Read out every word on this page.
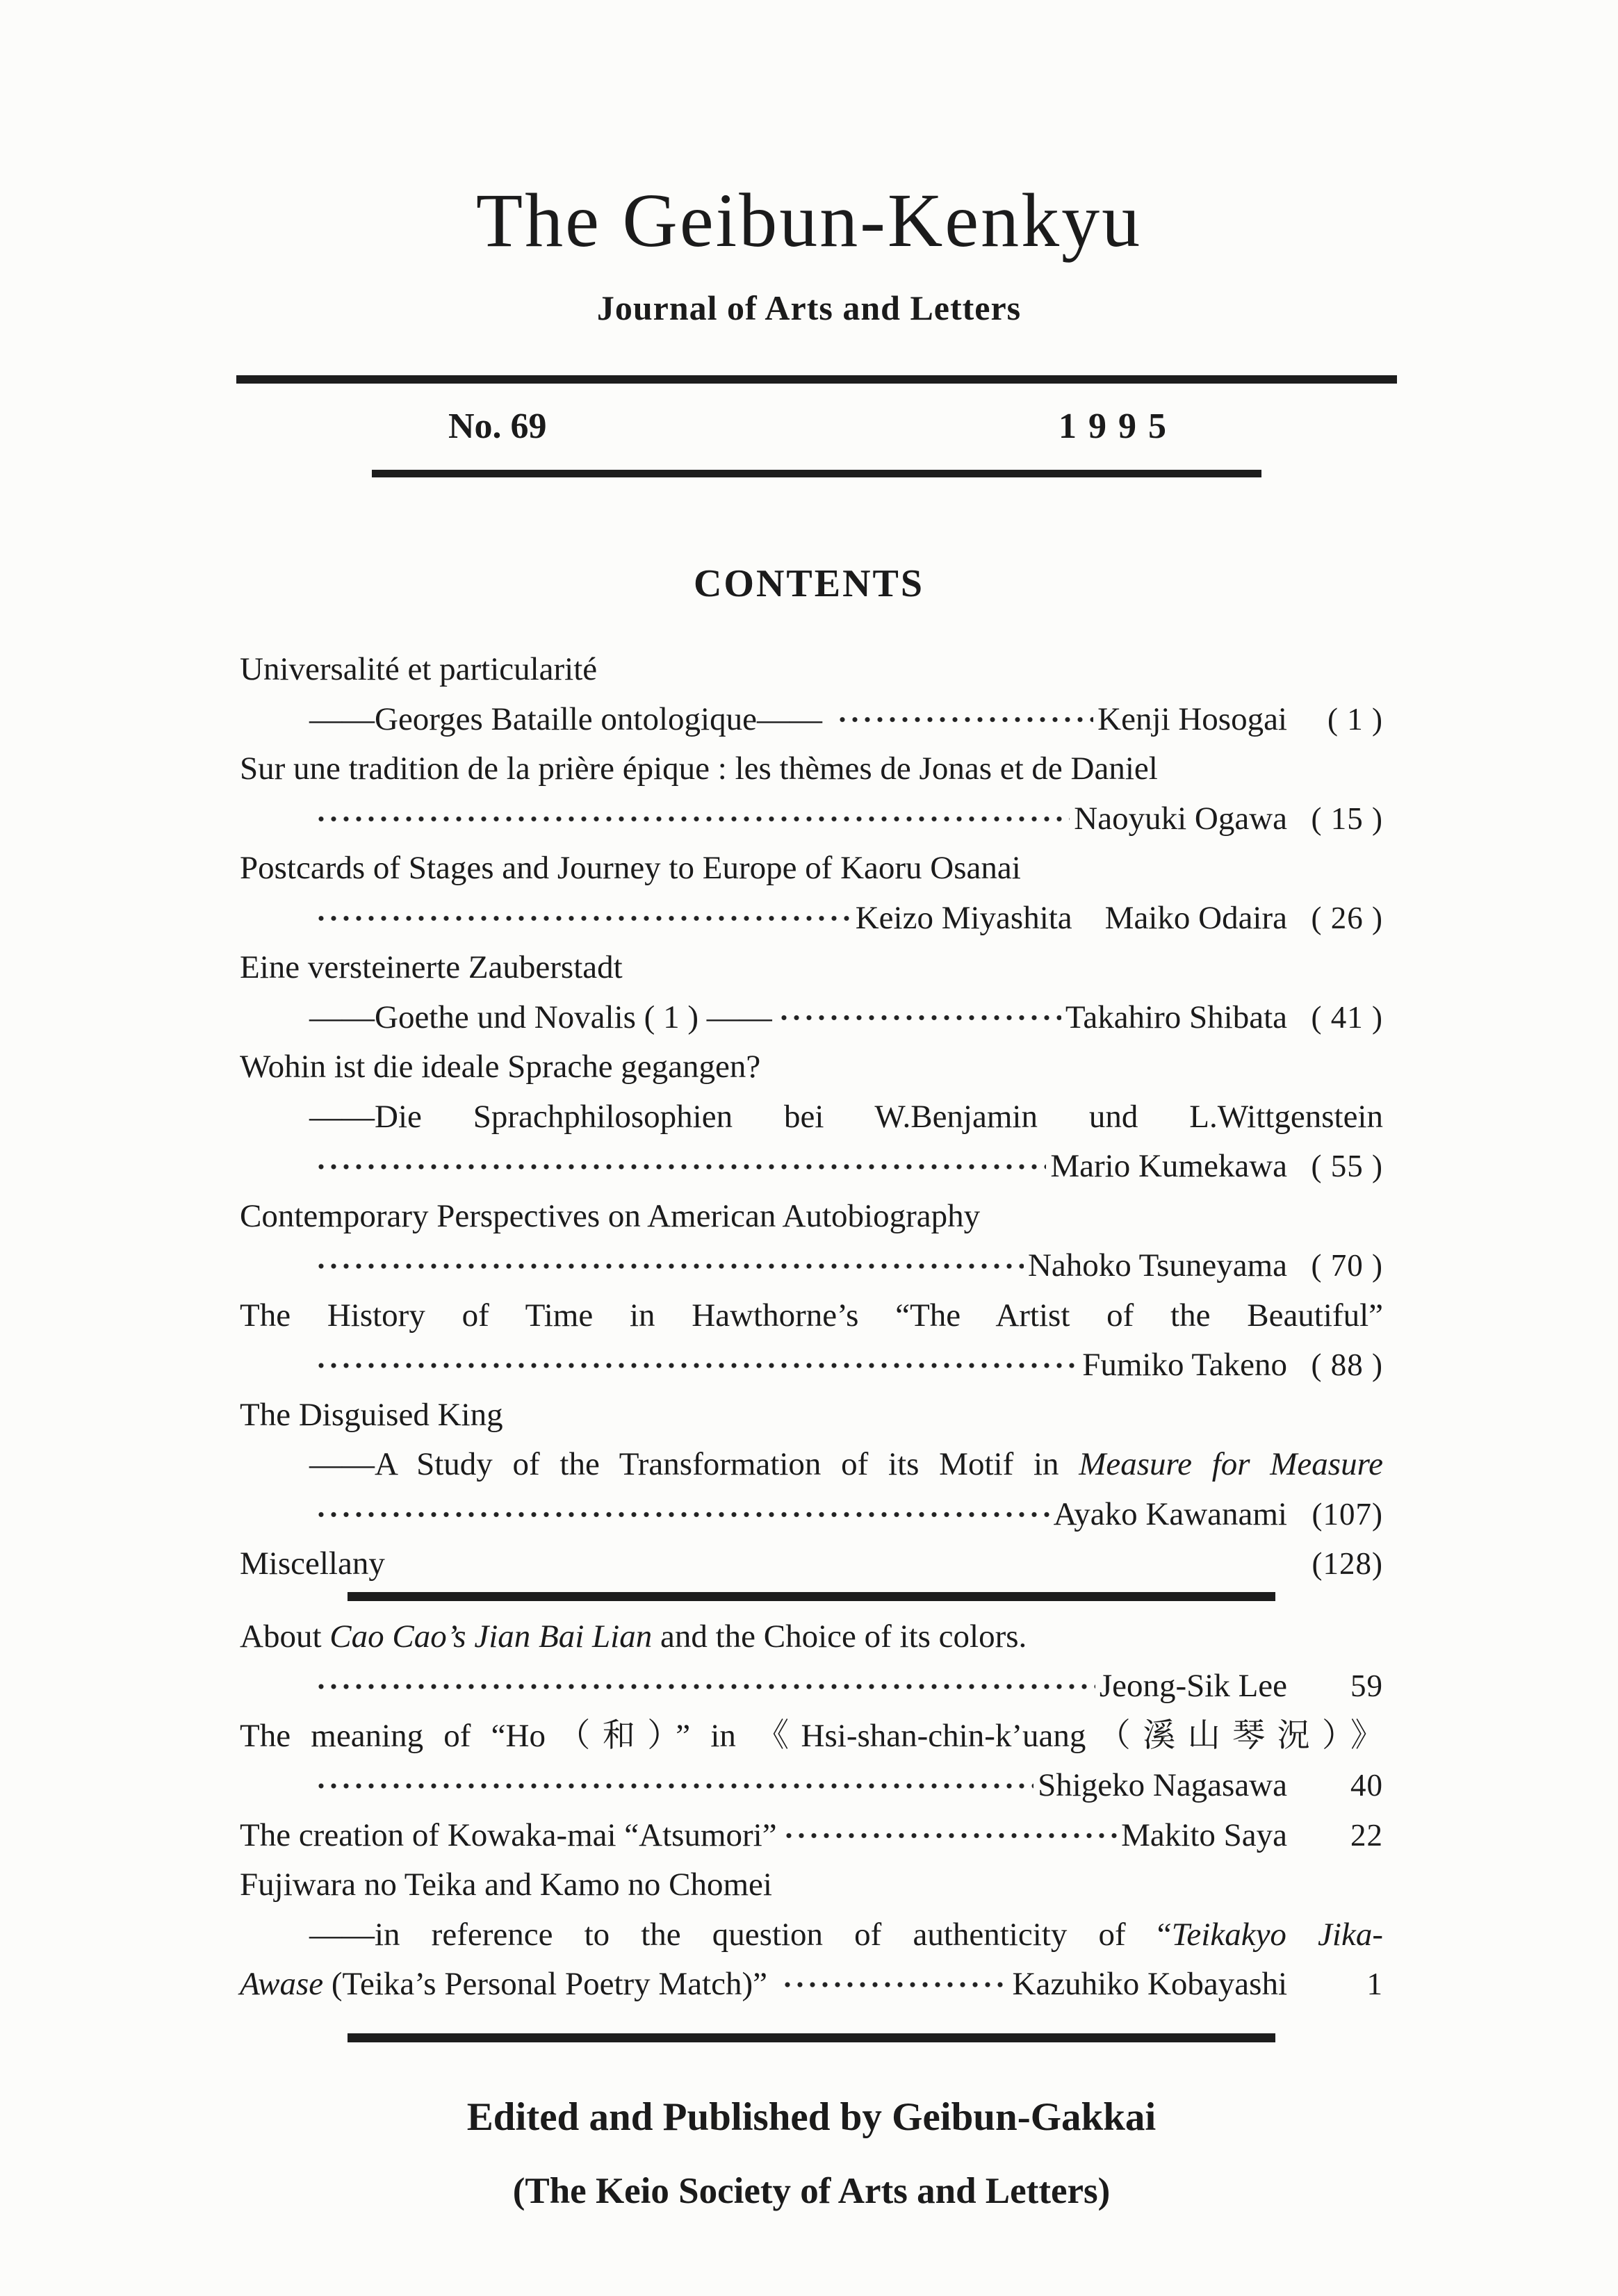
The Geibun-Kenkyu
Journal of Arts and Letters
No. 69	1995
CONTENTS
Universalité et particularité
——Georges Bataille ontologique——	Kenji Hosogai	( 1 )
Sur une tradition de la prière épique : les thèmes de Jonas et de Daniel
Naoyuki Ogawa ( 15 )
Postcards of Stages and Journey to Europe of Kaoru Osanai
Keizo Miyashita Maiko Odaira ( 26 )
Eine versteinerte Zauberstadt
——Goethe und Novalis ( 1 ) ——	Takahiro Shibata ( 41 )
Wohin ist die ideale Sprache gegangen?
——Die Sprachphilosophien bei W.Benjamin und L.Wittgenstein
Mario Kumekawa ( 55 )
Contemporary Perspectives on American Autobiography
Nahoko Tsuneyama ( 70 )
The History of Time in Hawthorne’s “The Artist of the Beautiful”
Fumiko Takeno ( 88 )
The Disguised King
——A Study of the Transformation of its Motif in Measure for Measure
Ayako Kawanami (107)
Miscellany	(128)
About Cao Cao’s Jian Bai Lian and the Choice of its colors.
Jeong-Sik Lee	59
The meaning of “Ho（和）” in 《Hsi-shan-chin-k’uang（溪山琴況）》
Shigeko Nagasawa	40
The creation of Kowaka-mai “Atsumori”	Makito Saya	22
Fujiwara no Teika and Kamo no Chomei
——in reference to the question of authenticity of “Teikakyo Jika-
Awase (Teika’s Personal Poetry Match)”	Kazuhiko Kobayashi	1
Edited and Published by Geibun-Gakkai
(The Keio Society of Arts and Letters)
